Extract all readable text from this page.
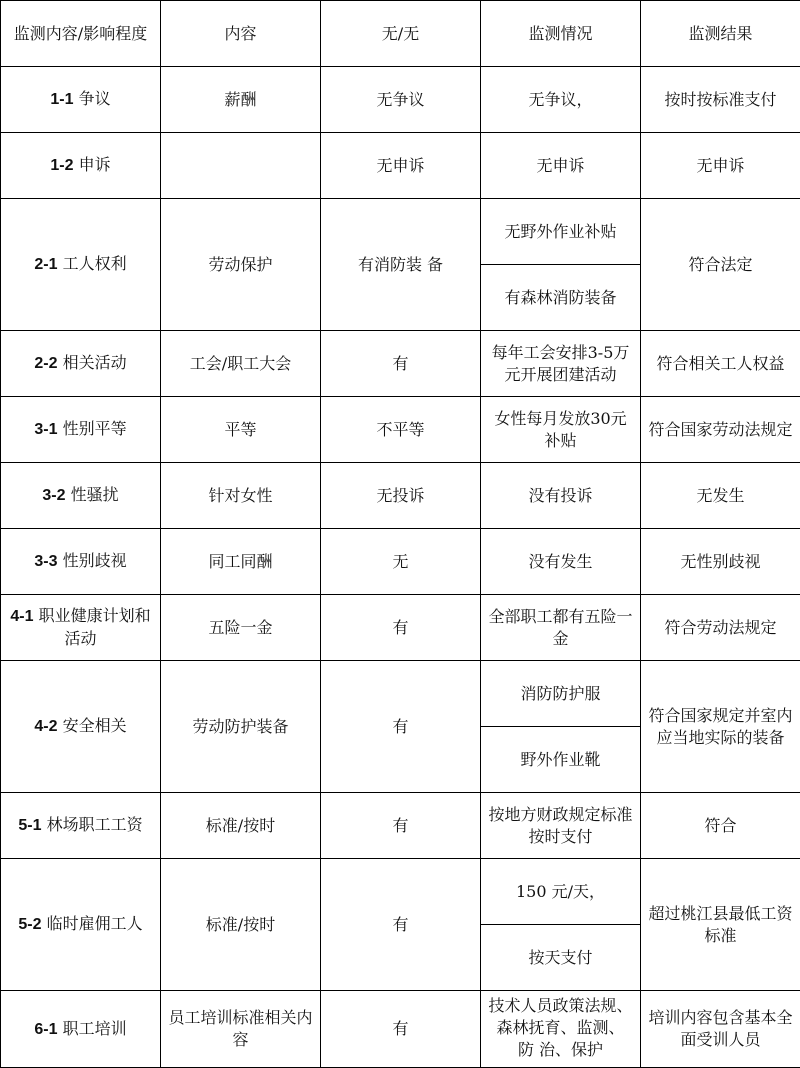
监测内容/影响程度	内容	无/无	监测情况	监测结果
1-1 争议	薪酬	无争议	无争议，	按时按标准支付
1-2 申诉		无申诉	无申诉	无申诉
2-1 工人权利	劳动保护	有消防装 备	无野外作业补贴	符合法定
			有森林消防装备	
2-2 相关活动	工会/职工大会	有	每年工会安排3-5万元开展团建活动	符合相关工人权益
3-1 性别平等	平等	不平等	女性每月发放30元补贴	符合国家劳动法规定
3-2 性骚扰	针对女性	无投诉	没有投诉	无发生
3-3 性别歧视	同工同酬	无	没有发生	无性别歧视
4-1 职业健康计划和活动	五险一金	有	全部职工都有五险一金	符合劳动法规定
4-2 安全相关	劳动防护装备	有	消防防护服	符合国家规定并室内应当地实际的装备
			野外作业靴	
5-1 林场职工工资	标准/按时	有	按地方财政规定标准按时支付	符合
5-2 临时雇佣工人	标准/按时	有	150 元/天，	超过桃江县最低工资标准
			按天支付	
6-1 职工培训	员工培训标准相关内容	有	技术人员政策法规、 森林抚育、监测、 防 治、保护	培训内容包含基本全面受训人员
